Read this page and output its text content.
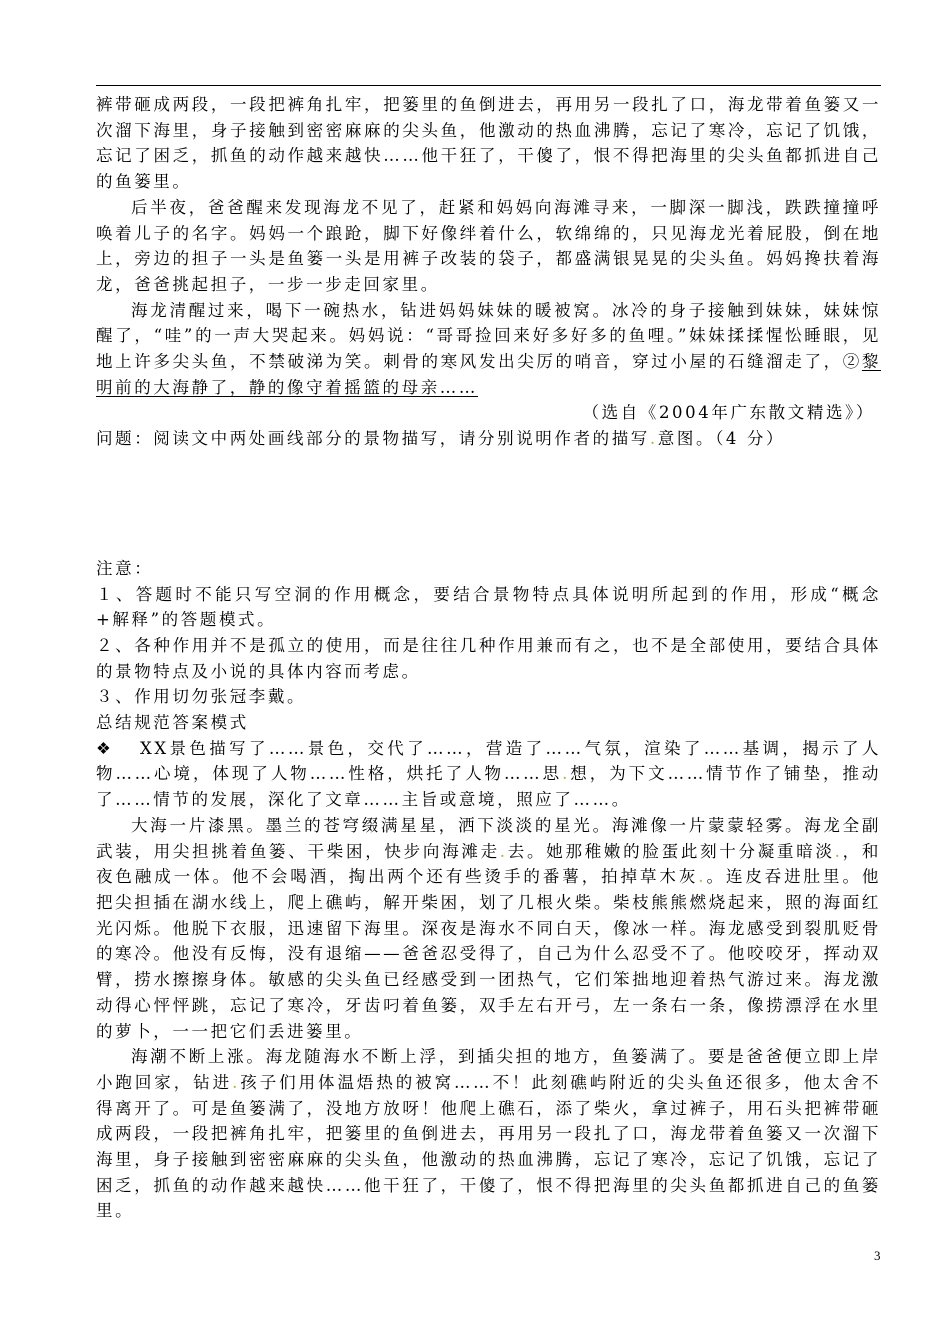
裤带砸成两段，一段把裤角扎牢，把篓里的鱼倒进去，再用另一段扎了口，海龙带着鱼篓又一次溜下海里，身子接触到密密麻麻的尖头鱼，他激动的热血沸腾，忘记了寒冷，忘记了饥饿，忘记了困乏，抓鱼的动作越来越快……他干狂了，干傻了，恨不得把海里的尖头鱼都抓进自己的鱼篓里。

后半夜，爸爸醒来发现海龙不见了，赶紧和妈妈向海滩寻来，一脚深一脚浅，跌跌撞撞呼唤着儿子的名字。妈妈一个踉跄，脚下好像绊着什么，软绵绵的，只见海龙光着屁股，倒在地上，旁边的担子一头是鱼篓一头是用裤子改装的袋子，都盛满银晃晃的尖头鱼。妈妈搀扶着海龙，爸爸挑起担子，一步一步走回家里。

海龙清醒过来，喝下一碗热水，钻进妈妈妹妹的暖被窝。冰冷的身子接触到妹妹，妹妹惊醒了，“哇”的一声大哭起来。妈妈说：“哥哥捡回来好多好多的鱼哩。”妹妹揉揉惺忪睡眼，见地上许多尖头鱼，不禁破涕为笑。刺骨的寒风发出尖厉的哨音，穿过小屋的石缝溜走了，②黎明前的大海静了，静的像守着摇篮的母亲……

（选自《2004年广东散文精选》）

问题：阅读文中两处画线部分的景物描写，请分别说明作者的描写.意图。（4 分）

注意：

１、答题时不能只写空洞的作用概念，要结合景物特点具体说明所起到的作用，形成“概念+解释”的答题模式。

２、各种作用并不是孤立的使用，而是往往几种作用兼而有之，也不是全部使用，要结合具体的景物特点及小说的具体内容而考虑。

３、作用切勿张冠李戴。

总结规范答案模式

❖ XX景色描写了……景色，交代了……，营造了……气氛，渲染了……基调，揭示了人物……心境，体现了人物……性格，烘托了人物……思.想，为下文……情节作了铺垫，推动了……情节的发展，深化了文章……主旨或意境，照应了……。

大海一片漆黑。墨兰的苍穹缀满星星，洒下淡淡的星光。海滩像一片蒙蒙轻雾。海龙全副武装，用尖担挑着鱼篓、干柴困，快步向海滩走.去。她那稚嫩的脸蛋此刻十分凝重暗淡.，和夜色融成一体。他不会喝酒，掏出两个还有些烫手的番薯，拍掉草木灰.。连皮吞进肚里。他把尖担插在湖水线上，爬上礁屿，解开柴困，划了几根火柴。柴枝熊熊燃烧起来，照的海面红光闪烁。他脱下衣服，迅速留下海里。深夜是海水不同白天，像冰一样。海龙感受到裂肌贬骨的寒冷。他没有反悔，没有退缩——爸爸忍受得了，自己为什么忍受不了。他咬咬牙，挥动双臂，捞水擦擦身体。敏感的尖头鱼已经感受到一团热气，它们笨拙地迎着热气游过来。海龙激动得心怦怦跳，忘记了寒冷，牙齿叼着鱼篓，双手左右开弓，左一条右一条，像捞漂浮在水里的萝卜，一一把它们丢进篓里。

海潮不断上涨。海龙随海水不断上浮，到插尖担的地方，鱼篓满了。要是爸爸便立即上岸小跑回家，钻进.孩子们用体温焐热的被窝……不！此刻礁屿附近的尖头鱼还很多，他太舍不得离开了。可是鱼篓满了，没地方放呀！他爬上礁石，添了柴火，拿过裤子，用石头把裤带砸成两段，一段把裤角扎牢，把篓里的鱼倒进去，再用另一段扎了口，海龙带着鱼篓又一次溜下海里，身子接触到密密麻麻的尖头鱼，他激动的热血沸腾，忘记了寒冷，忘记了饥饿，忘记了困乏，抓鱼的动作越来越快……他干狂了，干傻了，恨不得把海里的尖头鱼都抓进自己的鱼篓里。

3
